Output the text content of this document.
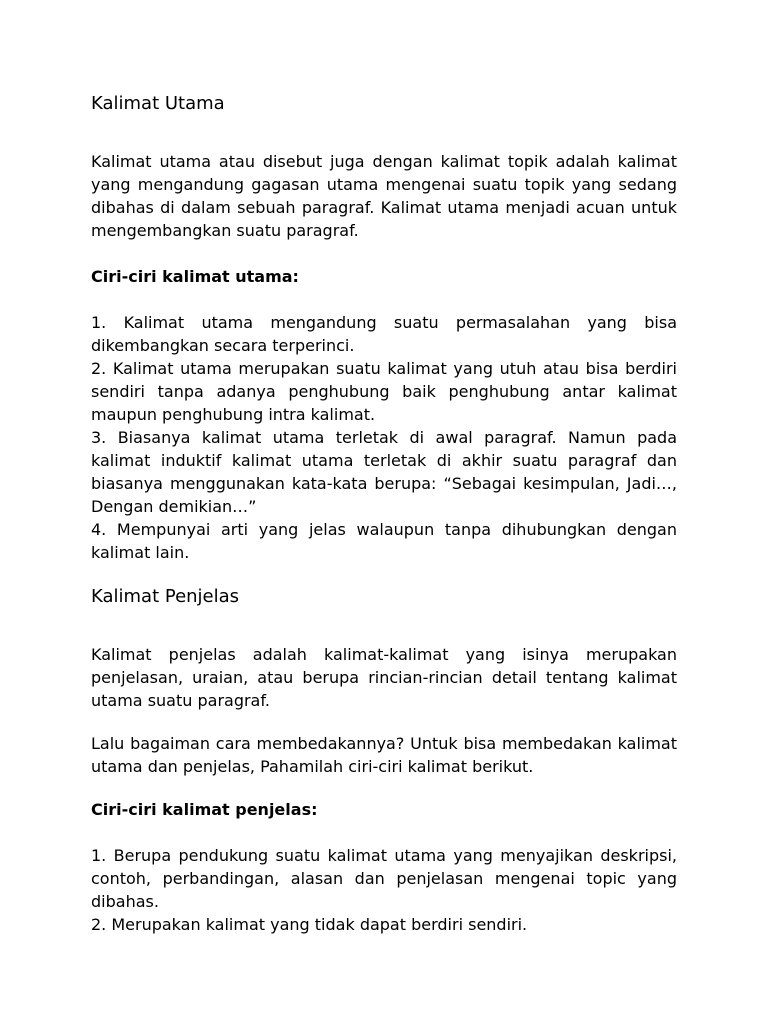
Kalimat Utama

Kalimat utama atau disebut juga dengan kalimat topik adalah kalimat yang mengandung gagasan utama mengenai suatu topik yang sedang dibahas di dalam sebuah paragraf. Kalimat utama menjadi acuan untuk mengembangkan suatu paragraf.

Ciri-ciri kalimat utama:

1. Kalimat utama mengandung suatu permasalahan yang bisa dikembangkan secara terperinci.

2. Kalimat utama merupakan suatu kalimat yang utuh atau bisa berdiri sendiri tanpa adanya penghubung baik penghubung antar kalimat maupun penghubung intra kalimat.

3. Biasanya kalimat utama terletak di awal paragraf. Namun pada kalimat induktif kalimat utama terletak di akhir suatu paragraf dan biasanya menggunakan kata-kata berupa: “Sebagai kesimpulan, Jadi…, Dengan demikian…”

4. Mempunyai arti yang jelas walaupun tanpa dihubungkan dengan kalimat lain.

Kalimat Penjelas

Kalimat penjelas adalah kalimat-kalimat yang isinya merupakan penjelasan, uraian, atau berupa rincian-rincian detail tentang kalimat utama suatu paragraf.

Lalu bagaiman cara membedakannya? Untuk bisa membedakan kalimat utama dan penjelas, Pahamilah ciri-ciri kalimat berikut.

Ciri-ciri kalimat penjelas:

1. Berupa pendukung suatu kalimat utama yang menyajikan deskripsi, contoh, perbandingan, alasan dan penjelasan mengenai topic yang dibahas.

2. Merupakan kalimat yang tidak dapat berdiri sendiri.
